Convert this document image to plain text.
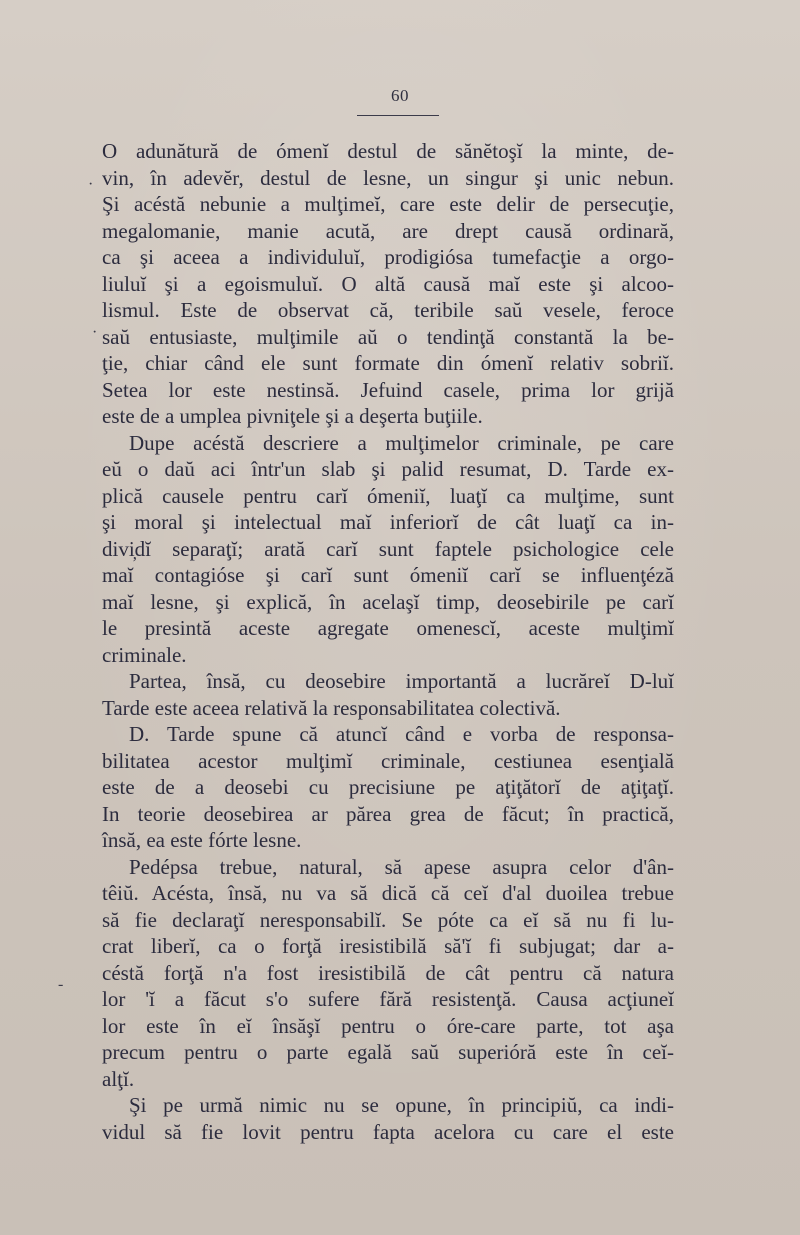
60
O adunătură de ómenĭ destul de sănĕtoşĭ la minte, de-
vin, în adevĕr, destul de lesne, un singur şi unic nebun.
Şi acéstă nebunie a mulţimeĭ, care este delir de persecuţie,
megalomanie, manie acută, are drept causă ordinară,
ca şi aceea a individuluĭ, prodigiósa tumefacţie a orgo-
liuluĭ şi a egoismuluĭ. O altă causă maĭ este şi alcoo-
lismul. Este de observat că, teribile saŭ vesele, feroce
saŭ entusiaste, mulţimile aŭ o tendinţă constantă la be-
ţie, chiar când ele sunt formate din ómenĭ relativ sobriĭ.
Setea lor este nestinsă. Jefuind casele, prima lor grijă
este de a umplea pivniţele şi a deşerta buţiile.
Dupe acéstă descriere a mulţimelor criminale, pe care
eŭ o daŭ aci într'un slab şi palid resumat, D. Tarde ex-
plică causele pentru carĭ ómeniĭ, luaţĭ ca mulţime, sunt
şi moral şi intelectual maĭ inferiorĭ de cât luaţĭ ca in-
divi̦dĭ separaţĭ; arată carĭ sunt faptele psichologice cele
maĭ contagióse şi carĭ sunt ómeniĭ carĭ se influenţéză
maĭ lesne, şi explică, în acelaşĭ timp, deosebirile pe carĭ
le presintă aceste agregate omenescĭ, aceste mulţimĭ
criminale.
Partea, însă, cu deosebire importantă a lucrăreĭ D-luĭ
Tarde este aceea relativă la responsabilitatea colectivă.
D. Tarde spune că atuncĭ când e vorba de responsa-
bilitatea acestor mulţimĭ criminale, cestiunea esenţială
este de a deosebi cu precisiune pe aţiţătorĭ de aţiţaţĭ.
In teorie deosebirea ar părea grea de făcut; în practică,
însă, ea este fórte lesne.
Pedépsa trebue, natural, să apese asupra celor d'ân-
têiŭ. Acésta, însă, nu va să dică că ceĭ d'al duoilea trebue
să fie declaraţĭ neresponsabilĭ. Se póte ca eĭ să nu fi lu-
crat liberĭ, ca o forţă iresistibilă să'ĭ fi subjugat; dar a-
céstă forţă n'a fost iresistibilă de cât pentru că natura
lor 'ĭ a făcut s'o sufere fără resistenţă. Causa acţiuneĭ
lor este în eĭ însăşĭ pentru o óre-care parte, tot aşa
precum pentru o parte egală saŭ superióră este în ceĭ-
alţĭ.
Şi pe urmă nimic nu se opune, în principiŭ, ca indi-
vidul să fie lovit pentru fapta acelora cu care el este
·
·
-
